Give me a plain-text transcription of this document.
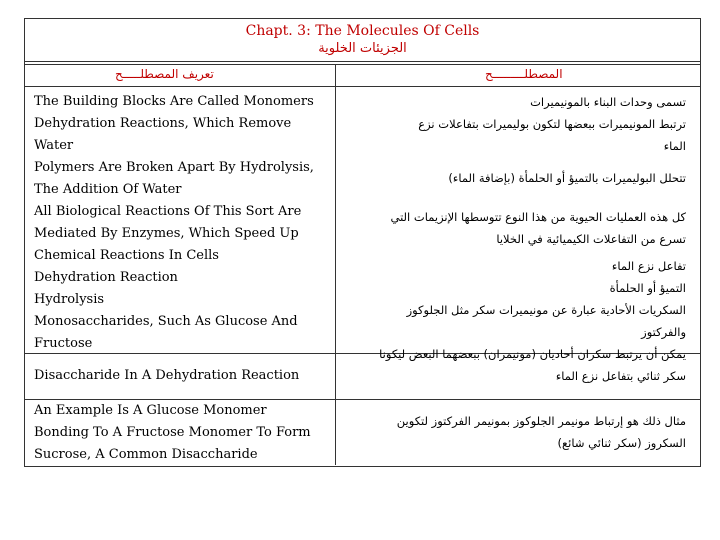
Chapt. 3: The Molecules Of Cells
الجزيئات الخلوية
تعريف المصطلـــــح	المصطلـــــــــح
The Building Blocks Are Called Monomers
Dehydration Reactions, Which Remove
Water
Polymers Are Broken Apart By Hydrolysis,
The Addition Of Water
All Biological Reactions Of This Sort Are
Mediated By Enzymes, Which Speed Up
Chemical Reactions In Cells
Dehydration Reaction
Hydrolysis
Monosaccharides, Such As Glucose And
Fructose
Disaccharide In A Dehydration Reaction
An Example Is A Glucose Monomer
Bonding To A Fructose Monomer To Form
Sucrose, A Common Disaccharide
تسمى وحدات البناء بالمونيميرات
ترتبط المونيميرات ببعضها لتكون بوليميرات بتفاعلات نزع
الماء
تتحلل البوليميرات بالتميؤ أو الحلمأة (بإضافة الماء)
كل هذه العمليات الحيوية من هذا النوع تتوسطها الإنزيمات التي
تسرع من التفاعلات الكيميائية في الخلايا
تفاعل نزع الماء
التميؤ أو الحلمأة
السكريات الأحادية عبارة عن مونيميرات سكر مثل الجلوكوز
والفركتوز
يمكن أن يرتبط سكران أحاديان (مونيمران) ببعضهما البعض ليكونا
سكر ثنائي بتفاعل نزع الماء
مثال ذلك هو إرتباط مونيمر الجلوكوز بمونيمر الفركتوز لتكوين
السكروز (سكر ثنائي شائع)
